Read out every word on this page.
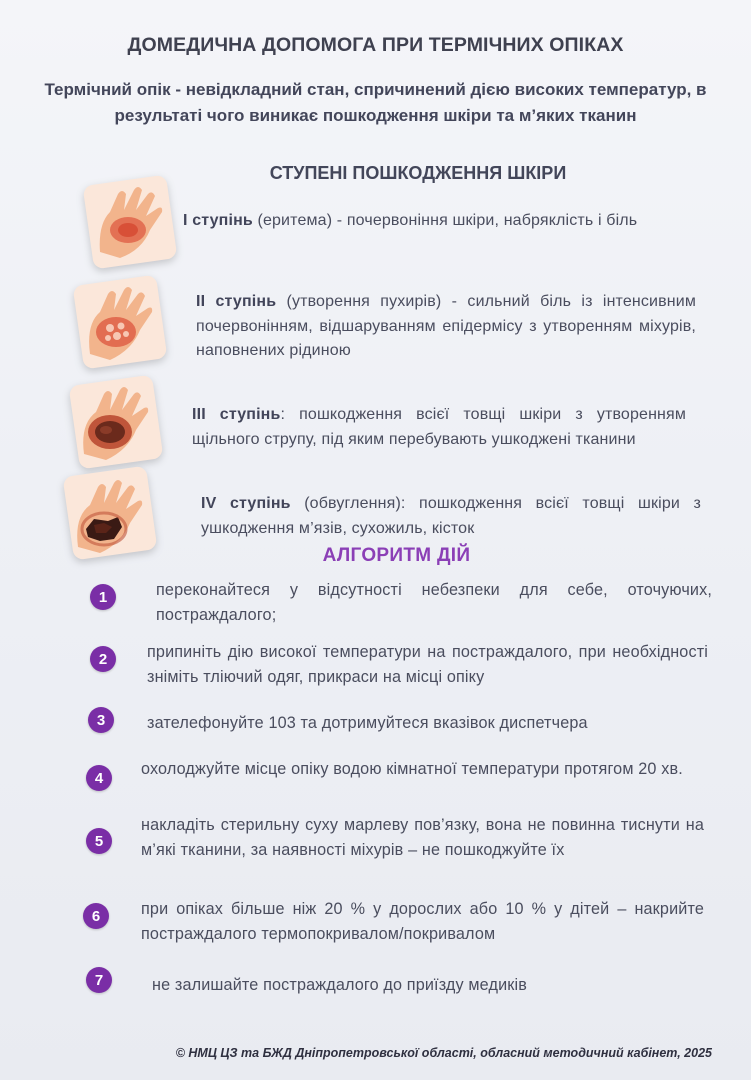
ДОМЕДИЧНА ДОПОМОГА ПРИ ТЕРМІЧНИХ ОПІКАХ
Термічний опік - невідкладний стан, спричинений дією високих температур, в результаті чого виникає пошкодження шкіри та м’яких тканин
СТУПЕНІ ПОШКОДЖЕННЯ ШКІРИ
І ступінь (еритема) - почервоніння шкіри, набряклість і біль
ІІ ступінь (утворення пухирів) - сильний біль із інтенсивним почервонінням, відшаруванням епідермісу з утворенням міхурів, наповнених рідиною
ІІІ ступінь: пошкодження всієї товщі шкіри з утворенням щільного струпу, під яким перебувають ушкоджені тканини
IV ступінь (обвуглення): пошкодження всієї товщі шкіри з ушкодження м’язів, сухожиль, кісток
АЛГОРИТМ ДІЙ
1	переконайтеся у відсутності небезпеки для себе, оточуючих, постраждалого;
2	припиніть дію високої температури на постраждалого, при необхідності зніміть тліючий одяг, прикраси на місці опіку
3	зателефонуйте 103 та дотримуйтеся вказівок диспетчера
4	охолоджуйте місце опіку водою кімнатної температури протягом 20 хв.
5
накладіть стерильну суху марлеву пов’язку, вона не повинна тиснути на м’які тканини, за наявності міхурів – не пошкоджуйте їх
6	при опіках більше ніж 20 % у дорослих або 10 % у дітей – накрийте постраждалого термопокривалом/покривалом
7	не залишайте постраждалого до приїзду медиків
© НМЦ ЦЗ та БЖД Дніпропетровської області, обласний методичний кабінет, 2025
